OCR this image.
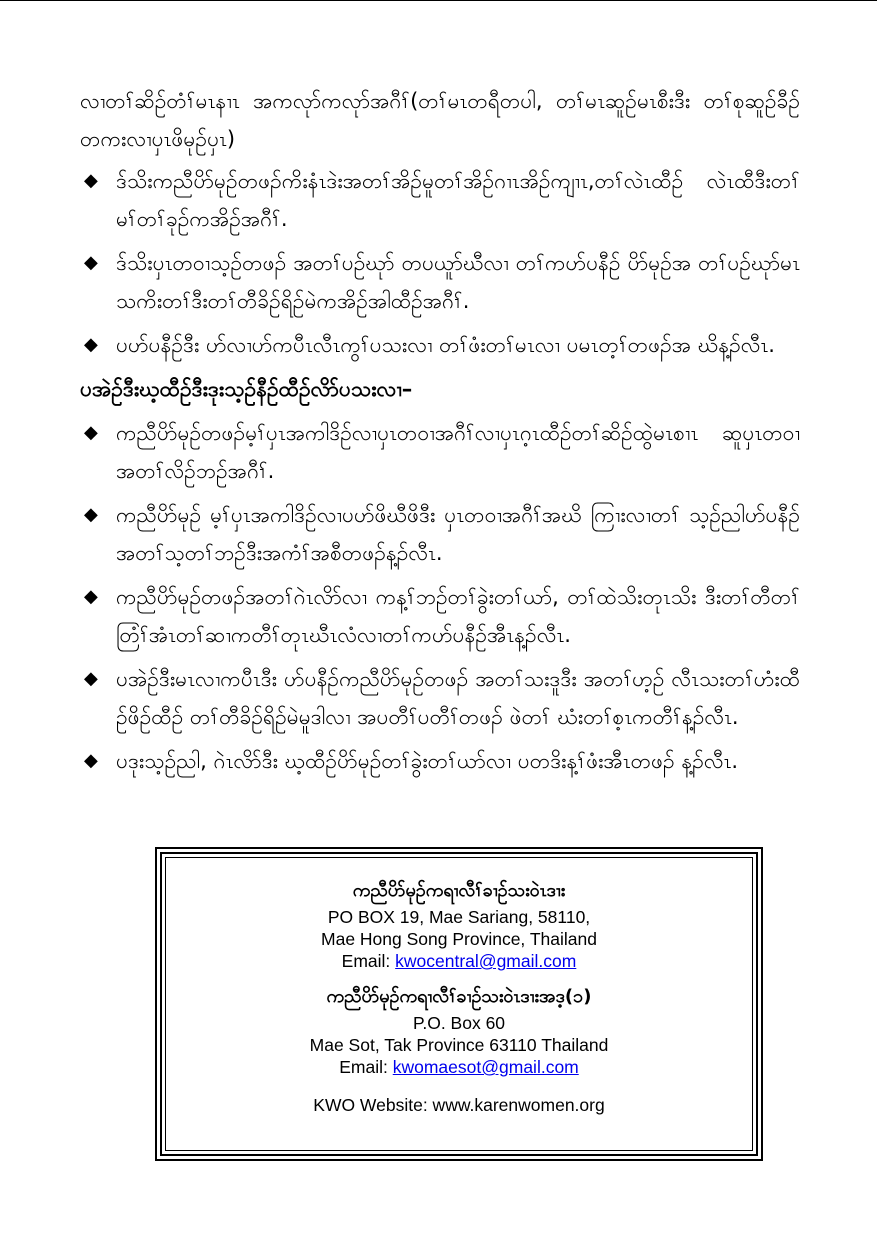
လၢတၢ်ဆိဉ်တံၢ်မၤနၢၤ အကလုာ်ကလုာ်အဂီၢ်(တၢ်မၤတရီတပါ, တၢ်မၤဆူဉ်မၤစီးဒီး တၢ်စုဆူဉ်ခီဉ်တကးလၢပှၤဖိမုဉ်ပှၤ)

◆ ဒ်သိးကညီပိာ်မုဉ်တဖၣ်ကိးနံၤဒဲးအတၢ်အိဉ်မူတၢ်အိဉ်ဂၢၤအိဉ်ကျၢၤ,တၢ်လဲၤထီဉ် လဲၤထီဒီးတၢ်မၢ်တၢ်ခုဉ်ကအိဉ်အဂီၢ်.
◆ ဒ်သိးပှၤတဝၢသ့ဉ်တဖၣ် အတၢ်ပဉ်ဃုာ် တပယူာ်ဃီလၢ တၢ်ကဟ်ပနီဉ် ပိာ်မုဉ်အ တၢ်ပဉ်ဃုာ်မၤသကိးတၢ်ဒီးတၢ်တီခိဉ်ရိဉ်မဲကအိဉ်အါထီဉ်အဂီၢ်.
◆ ပဟ်ပနီဉ်ဒီး ဟ်လၢပာ်ကပီၤလီၤကွၢ်ပသးလၢ တၢ်ဖံးတၢ်မၤလၢ ပမၤတ့ၢ်တဖၣ်အ ဃိန့ၣ်လီၤ.

ပအဲဉ်ဒီးဃ့ထီဉ်ဒီးဒုးသ့ဉ်နီဉ်ထီဉ်လိာ်ပသးလၢ–

◆ ကညီပိာ်မုဉ်တဖၣ်မ့ၢ်ပှၤအကါဒိဉ်လၢပှၤတဝၢအဂီၢ်လၢပှၤဂ့ၤထီဉ်တၢ်ဆိဉ်ထွဲမၤစၢၤ ဆူပှၤတဝၢအတၢ်လိဉ်ဘဉ်အဂီၢ်.
◆ ကညီပိာ်မုဉ် မ့ၢ်ပှၤအကါဒိဉ်လၢပဟ်ဖိဃီဖိဒီး ပှၤတဝၢအဂီၢ်အဃိ ကြၢးလၢတၢ် သ့ဉ်ညါဟ်ပနီဉ်အတၢ်သ့တၢ်ဘဉ်ဒီးအကံၢ်အစီတဖၣ်န့ၣ်လီၤ.
◆ ကညီပိာ်မုဉ်တဖၣ်အတၢ်ဂဲၤလိာ်လၢ ကန့ၢ်ဘဉ်တၢ်ခွဲးတၢ်ယာ်, တၢ်ထဲသိးတုၤသိး ဒီးတၢ်တီတၢ်တြံၢ်အံၤတၢ်ဆၢကတီၢ်တုၤဃီၤလံလၢတၢ်ကဟ်ပနီဉ်အီၤန့ၣ်လီၤ.
◆ ပအဲဉ်ဒီးမၤလၢကပီၤဒီး ဟ်ပနီဉ်ကညီပိာ်မုဉ်တဖၣ် အတၢ်သးဒူဒီး အတၢ်ဟ့ဉ် လီၤသးတၢ်ဟံးထီဉ်ဖိဉ်ထီဉ် တၢ်တီခိဉ်ရိဉ်မဲမူဒါလၢ အပတီၢ်ပတီၢ်တဖၣ် ဖဲတၢ် ဃံးတၢ်စ့ၤကတီၢ်န့ၣ်လီၤ.
◆ ပဒုးသ့ဉ်ညါ, ဂဲၤလိာ်ဒီး ဃ့ထီဉ်ပိာ်မုဉ်တၢ်ခွဲးတၢ်ယာ်လၢ ပတဒိးန့ၢ်ဖံးအီၤတဖၣ် န့ၣ်လီၤ.
ကညီပိာ်မုဉ်ကရၢလီၢ်ခၢဉ်သးဝဲၤဒၢး
PO BOX 19, Mae Sariang, 58110,
Mae Hong Song Province, Thailand
Email: kwocentral@gmail.com
ကညီပိာ်မုဉ်ကရၢလီၢ်ခၢဉ်သးဝဲၤဒၢးအဒ့(၁)
P.O. Box 60
Mae Sot, Tak Province 63110 Thailand
Email: kwomaesot@gmail.com
KWO Website: www.karenwomen.org
